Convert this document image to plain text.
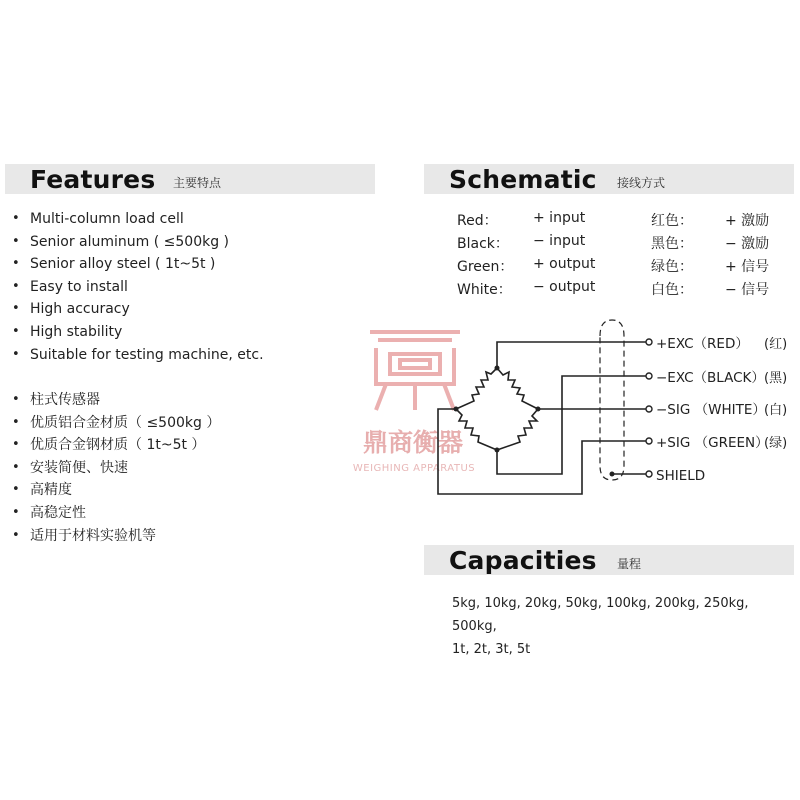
Features 主要特点
• Multi-column load cell
• Senior aluminum ( ≤500kg )
• Senior alloy steel ( 1t~5t )
• Easy to install
• High accuracy
• High stability
• Suitable for testing machine, etc.
• 柱式传感器
• 优质铝合金材质（ ≤500kg ）
• 优质合金钢材质（ 1t~5t ）
• 安装简便、快速
• 高精度
• 高稳定性
• 适用于材料实验机等
Schematic 接线方式
Red：	+ input	红色： + 激励
Black： − input	黑色： − 激励
Green： + output	绿色： + 信号
White： − output	白色： − 信号
鼎商衡器
WEIGHING APPARATUS
+EXC（RED） (红)
−EXC（BLACK） (黑)
−SIG （WHITE）
(白)
+SIG （GREEN）
(绿)
SHIELD
Capacities 量程
5kg, 10kg, 20kg, 50kg, 100kg, 200kg, 250kg, 500kg,
1t, 2t, 3t, 5t
